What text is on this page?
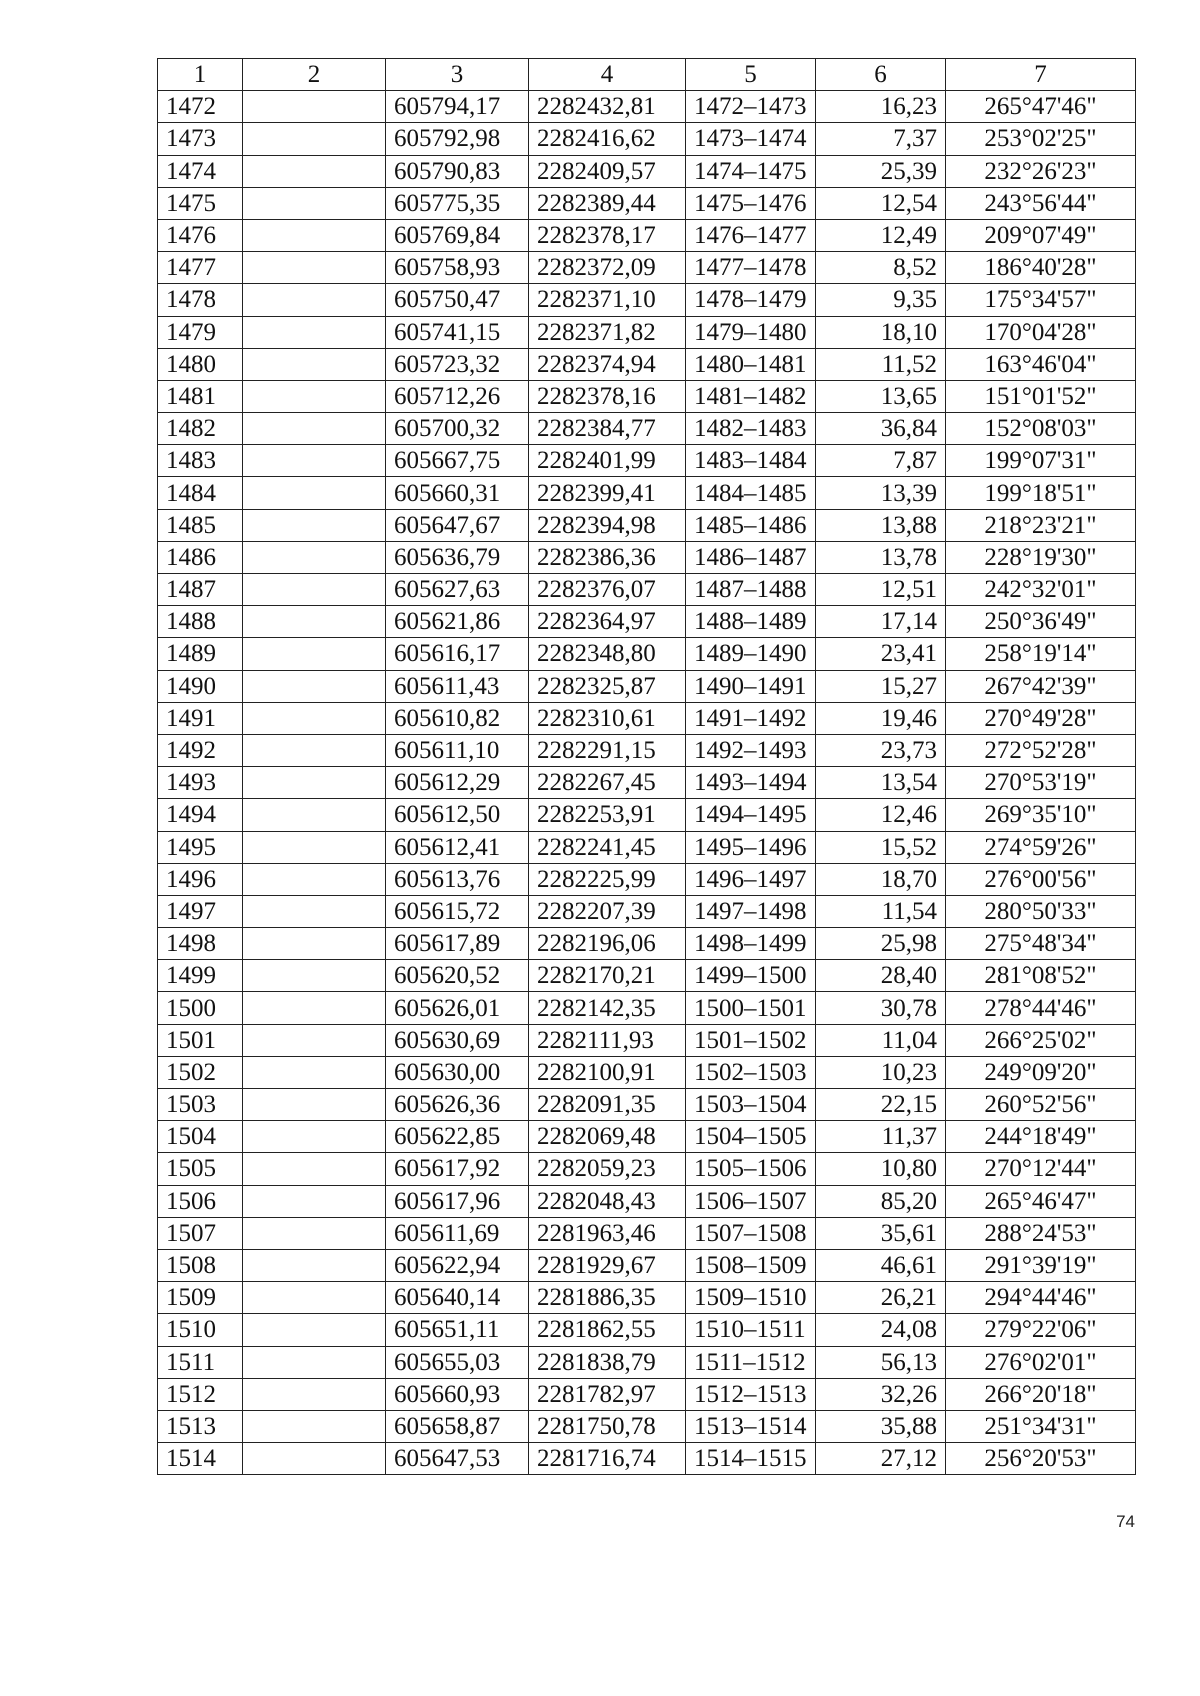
1	2	3	4	5	6	7
1472		605794,17	2282432,81	1472–1473	16,23	265°47'46"
1473		605792,98	2282416,62	1473–1474	7,37	253°02'25"
1474		605790,83	2282409,57	1474–1475	25,39	232°26'23"
1475		605775,35	2282389,44	1475–1476	12,54	243°56'44"
1476		605769,84	2282378,17	1476–1477	12,49	209°07'49"
1477		605758,93	2282372,09	1477–1478	8,52	186°40'28"
1478		605750,47	2282371,10	1478–1479	9,35	175°34'57"
1479		605741,15	2282371,82	1479–1480	18,10	170°04'28"
1480		605723,32	2282374,94	1480–1481	11,52	163°46'04"
1481		605712,26	2282378,16	1481–1482	13,65	151°01'52"
1482		605700,32	2282384,77	1482–1483	36,84	152°08'03"
1483		605667,75	2282401,99	1483–1484	7,87	199°07'31"
1484		605660,31	2282399,41	1484–1485	13,39	199°18'51"
1485		605647,67	2282394,98	1485–1486	13,88	218°23'21"
1486		605636,79	2282386,36	1486–1487	13,78	228°19'30"
1487		605627,63	2282376,07	1487–1488	12,51	242°32'01"
1488		605621,86	2282364,97	1488–1489	17,14	250°36'49"
1489		605616,17	2282348,80	1489–1490	23,41	258°19'14"
1490		605611,43	2282325,87	1490–1491	15,27	267°42'39"
1491		605610,82	2282310,61	1491–1492	19,46	270°49'28"
1492		605611,10	2282291,15	1492–1493	23,73	272°52'28"
1493		605612,29	2282267,45	1493–1494	13,54	270°53'19"
1494		605612,50	2282253,91	1494–1495	12,46	269°35'10"
1495		605612,41	2282241,45	1495–1496	15,52	274°59'26"
1496		605613,76	2282225,99	1496–1497	18,70	276°00'56"
1497		605615,72	2282207,39	1497–1498	11,54	280°50'33"
1498		605617,89	2282196,06	1498–1499	25,98	275°48'34"
1499		605620,52	2282170,21	1499–1500	28,40	281°08'52"
1500		605626,01	2282142,35	1500–1501	30,78	278°44'46"
1501		605630,69	2282111,93	1501–1502	11,04	266°25'02"
1502		605630,00	2282100,91	1502–1503	10,23	249°09'20"
1503		605626,36	2282091,35	1503–1504	22,15	260°52'56"
1504		605622,85	2282069,48	1504–1505	11,37	244°18'49"
1505		605617,92	2282059,23	1505–1506	10,80	270°12'44"
1506		605617,96	2282048,43	1506–1507	85,20	265°46'47"
1507		605611,69	2281963,46	1507–1508	35,61	288°24'53"
1508		605622,94	2281929,67	1508–1509	46,61	291°39'19"
1509		605640,14	2281886,35	1509–1510	26,21	294°44'46"
1510		605651,11	2281862,55	1510–1511	24,08	279°22'06"
1511		605655,03	2281838,79	1511–1512	56,13	276°02'01"
1512		605660,93	2281782,97	1512–1513	32,26	266°20'18"
1513		605658,87	2281750,78	1513–1514	35,88	251°34'31"
1514		605647,53	2281716,74	1514–1515	27,12	256°20'53"
74
